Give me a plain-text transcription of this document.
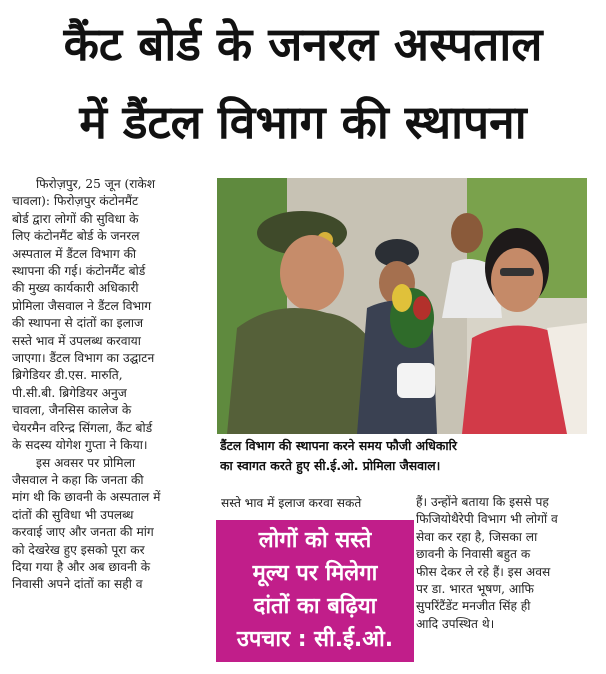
कैंट बोर्ड के जनरल अस्पताल
में डैंटल विभाग की स्थापना
फिरोज़पुर, 25 जून (राकेश
चावला): फिरोज़पुर कंटोनमैंट
बोर्ड द्वारा लोगों की सुविधा के
लिए कंटोनमैंट बोर्ड के जनरल
अस्पताल में डैंटल विभाग की
स्थापना की गई। कंटोनमैंट बोर्ड
की मुख्य कार्यकारी अधिकारी
प्रोमिला जैसवाल ने डैंटल विभाग
की स्थापना से दांतों का इलाज
सस्ते भाव में उपलब्ध करवाया
जाएगा। डैंटल विभाग का उद्घाटन
ब्रिगेडियर डी.एस. मारुति,
पी.सी.बी. ब्रिगेडियर अनुज
चावला, जैनसिस कालेज के
चेयरमैन वरिन्द्र सिंगला, कैंट बोर्ड
के सदस्य योगेश गुप्ता ने किया।
इस अवसर पर प्रोमिला
जैसवाल ने कहा कि जनता की
मांग थी कि छावनी के अस्पताल में
दांतों की सुविधा भी उपलब्ध
करवाई जाए और जनता की मांग
को देखरेख हुए इसको पूरा कर
दिया गया है और अब छावनी के
निवासी अपने दांतों का सही व
डैंटल विभाग की स्थापना करने समय फौजी अधिकारि
का स्वागत करते हुए सी.ई.ओ. प्रोमिला जैसवाल।
सस्ते भाव में इलाज करवा सकते
लोगों को सस्ते
मूल्य पर मिलेगा
दांतों का बढ़िया
उपचार : सी.ई.ओ.
हैं। उन्होंने बताया कि इससे पह
फिजियोथैरेपी विभाग भी लोगों व
सेवा कर रहा है, जिसका ला
छावनी के निवासी बहुत क
फीस देकर ले रहे हैं। इस अवस
पर डा. भारत भूषण, आफि
सुपरिंटैंडेंट मनजीत सिंह ही
आदि उपस्थित थे।
